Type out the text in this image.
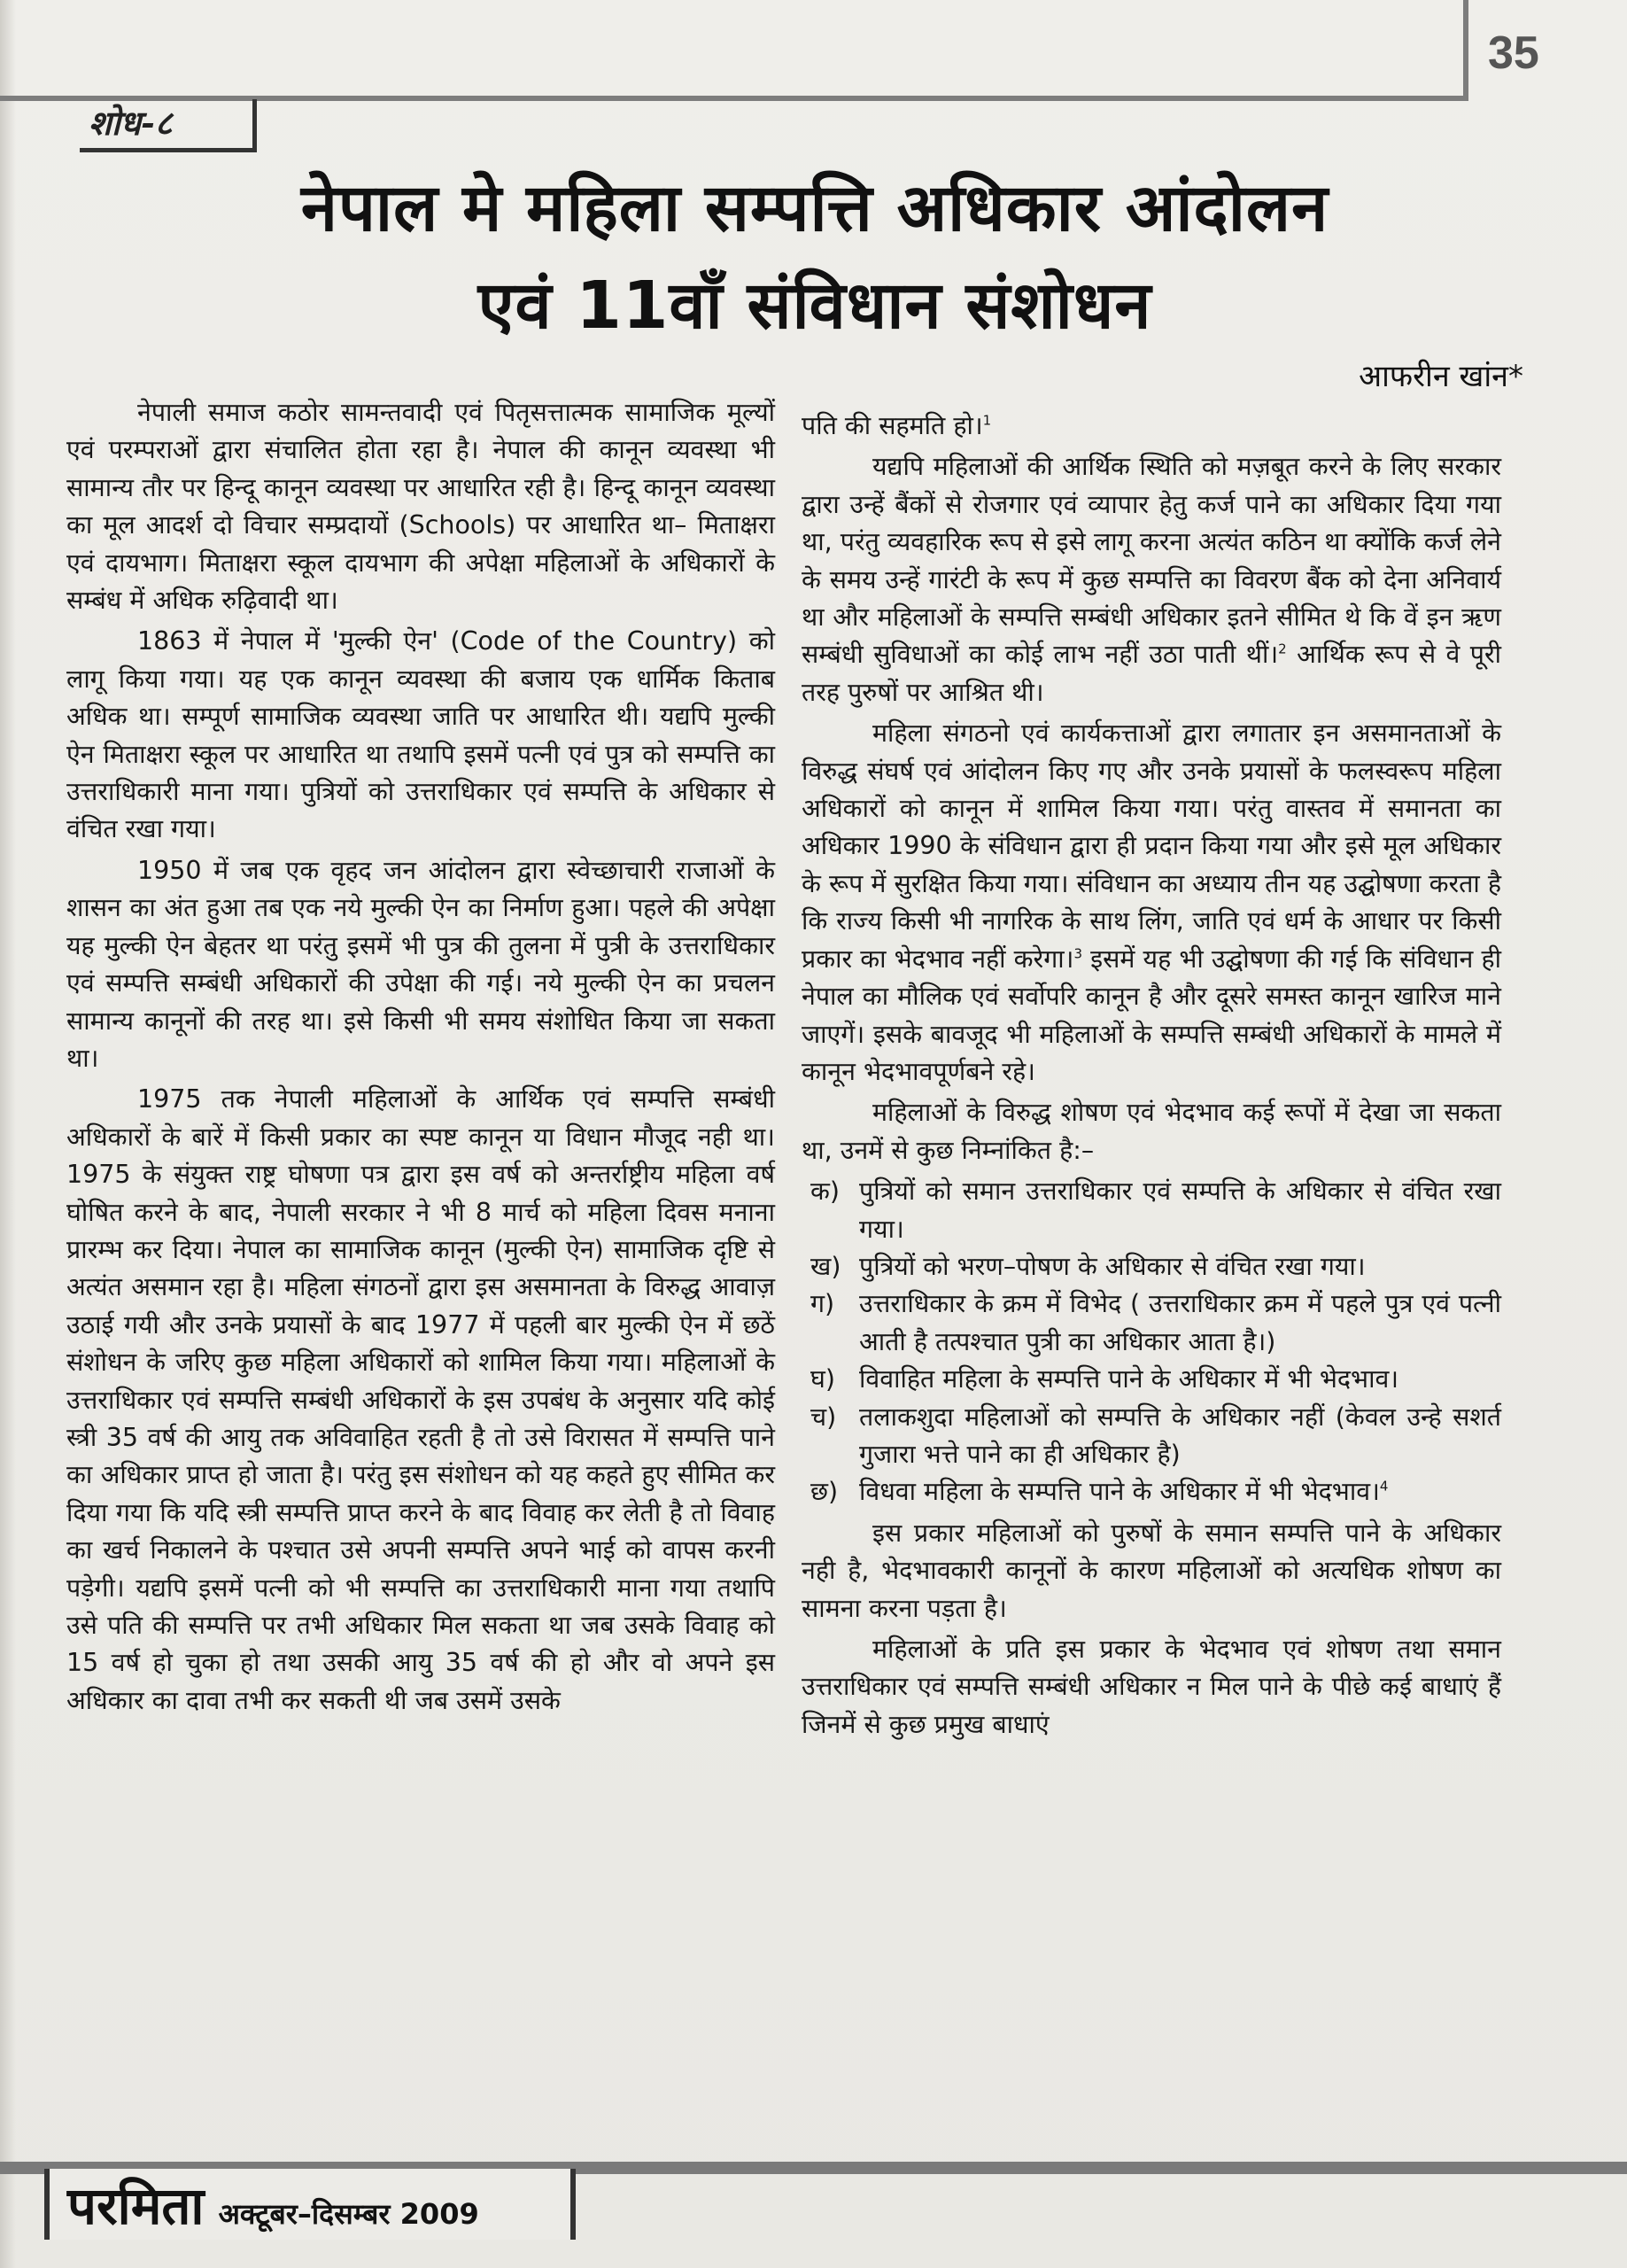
35
शोध-८
नेपाल मे महिला सम्पत्ति अधिकार आंदोलन
एवं 11वाँ संविधान संशोधन
आफरीन खांन*

नेपाली समाज कठोर सामन्तवादी एवं पितृसत्तात्मक सामाजिक मूल्यों एवं परम्पराओं द्वारा संचालित होता रहा है। नेपाल की कानून व्यवस्था भी सामान्य तौर पर हिन्दू कानून व्यवस्था पर आधारित रही है। हिन्दू कानून व्यवस्था का मूल आदर्श दो विचार सम्प्रदायों (Schools) पर आधारित था– मिताक्षरा एवं दायभाग। मिताक्षरा स्कूल दायभाग की अपेक्षा महिलाओं के अधिकारों के सम्बंध में अधिक रुढ़िवादी था।

1863 में नेपाल में 'मुल्की ऐन' (Code of the Country) को लागू किया गया। यह एक कानून व्यवस्था की बजाय एक धार्मिक किताब अधिक था। सम्पूर्ण सामाजिक व्यवस्था जाति पर आधारित थी। यद्यपि मुल्की ऐन मिताक्षरा स्कूल पर आधारित था तथापि इसमें पत्नी एवं पुत्र को सम्पत्ति का उत्तराधिकारी माना गया। पुत्रियों को उत्तराधिकार एवं सम्पत्ति के अधिकार से वंचित रखा गया।

1950 में जब एक वृहद जन आंदोलन द्वारा स्वेच्छाचारी राजाओं के शासन का अंत हुआ तब एक नये मुल्की ऐन का निर्माण हुआ। पहले की अपेक्षा यह मुल्की ऐन बेहतर था परंतु इसमें भी पुत्र की तुलना में पुत्री के उत्तराधिकार एवं सम्पत्ति सम्बंधी अधिकारों की उपेक्षा की गई। नये मुल्की ऐन का प्रचलन सामान्य कानूनों की तरह था। इसे किसी भी समय संशोधित किया जा सकता था।

1975 तक नेपाली महिलाओं के आर्थिक एवं सम्पत्ति सम्बंधी अधिकारों के बारें में किसी प्रकार का स्पष्ट कानून या विधान मौजूद नही था। 1975 के संयुक्त राष्ट्र घोषणा पत्र द्वारा इस वर्ष को अन्तर्राष्ट्रीय महिला वर्ष घोषित करने के बाद, नेपाली सरकार ने भी 8 मार्च को महिला दिवस मनाना प्रारम्भ कर दिया। नेपाल का सामाजिक कानून (मुल्की ऐन) सामाजिक दृष्टि से अत्यंत असमान रहा है। महिला संगठनों द्वारा इस असमानता के विरुद्ध आवाज़ उठाई गयी और उनके प्रयासों के बाद 1977 में पहली बार मुल्की ऐन में छठें संशोधन के जरिए कुछ महिला अधिकारों को शामिल किया गया। महिलाओं के उत्तराधिकार एवं सम्पत्ति सम्बंधी अधिकारों के इस उपबंध के अनुसार यदि कोई स्त्री 35 वर्ष की आयु तक अविवाहित रहती है तो उसे विरासत में सम्पत्ति पाने का अधिकार प्राप्त हो जाता है। परंतु इस संशोधन को यह कहते हुए सीमित कर दिया गया कि यदि स्त्री सम्पत्ति प्राप्त करने के बाद विवाह कर लेती है तो विवाह का खर्च निकालने के पश्चात उसे अपनी सम्पत्ति अपने भाई को वापस करनी पड़ेगी। यद्यपि इसमें पत्नी को भी सम्पत्ति का उत्तराधिकारी माना गया तथापि उसे पति की सम्पत्ति पर तभी अधिकार मिल सकता था जब उसके विवाह को 15 वर्ष हो चुका हो तथा उसकी आयु 35 वर्ष की हो और वो अपने इस अधिकार का दावा तभी कर सकती थी जब उसमें उसके

पति की सहमति हो।$^1$

यद्यपि महिलाओं की आर्थिक स्थिति को मज़बूत करने के लिए सरकार द्वारा उन्हें बैंकों से रोजगार एवं व्यापार हेतु कर्ज पाने का अधिकार दिया गया था, परंतु व्यवहारिक रूप से इसे लागू करना अत्यंत कठिन था क्योंकि कर्ज लेने के समय उन्हें गारंटी के रूप में कुछ सम्पत्ति का विवरण बैंक को देना अनिवार्य था और महिलाओं के सम्पत्ति सम्बंधी अधिकार इतने सीमित थे कि वें इन ऋण सम्बंधी सुविधाओं का कोई लाभ नहीं उठा पाती थीं।$^2$ आर्थिक रूप से वे पूरी तरह पुरुषों पर आश्रित थी।

महिला संगठनो एवं कार्यकत्ताओं द्वारा लगातार इन असमानताओं के विरुद्ध संघर्ष एवं आंदोलन किए गए और उनके प्रयासों के फलस्वरूप महिला अधिकारों को कानून में शामिल किया गया। परंतु वास्तव में समानता का अधिकार 1990 के संविधान द्वारा ही प्रदान किया गया और इसे मूल अधिकार के रूप में सुरक्षित किया गया। संविधान का अध्याय तीन यह उद्घोषणा करता है कि राज्य किसी भी नागरिक के साथ लिंग, जाति एवं धर्म के आधार पर किसी प्रकार का भेदभाव नहीं करेगा।$^3$ इसमें यह भी उद्घोषणा की गई कि संविधान ही नेपाल का मौलिक एवं सर्वोपरि कानून है और दूसरे समस्त कानून खारिज माने जाएगें। इसके बावजूद भी महिलाओं के सम्पत्ति सम्बंधी अधिकारों के मामले में कानून भेदभावपूर्णबने रहे।

महिलाओं के विरुद्ध शोषण एवं भेदभाव कई रूपों में देखा जा सकता था, उनमें से कुछ निम्नांकित है:–

क) पुत्रियों को समान उत्तराधिकार एवं सम्पत्ति के अधिकार से वंचित रखा गया।
ख) पुत्रियों को भरण–पोषण के अधिकार से वंचित रखा गया।
ग) उत्तराधिकार के क्रम में विभेद ( उत्तराधिकार क्रम में पहले पुत्र एवं पत्नी आती है तत्पश्चात पुत्री का अधिकार आता है।)
घ) विवाहित महिला के सम्पत्ति पाने के अधिकार में भी भेदभाव।
च) तलाकशुदा महिलाओं को सम्पत्ति के अधिकार नहीं (केवल उन्हे सशर्त गुजारा भत्ते पाने का ही अधिकार है)
छ) विधवा महिला के सम्पत्ति पाने के अधिकार में भी भेदभाव।$^4$

इस प्रकार महिलाओं को पुरुषों के समान सम्पत्ति पाने के अधिकार नही है, भेदभावकारी कानूनों के कारण महिलाओं को अत्यधिक शोषण का सामना करना पड़ता है।

महिलाओं के प्रति इस प्रकार के भेदभाव एवं शोषण तथा समान उत्तराधिकार एवं सम्पत्ति सम्बंधी अधिकार न मिल पाने के पीछे कई बाधाएं हैं जिनमें से कुछ प्रमुख बाधाएं

परमिता अक्टूबर–दिसम्बर 2009
